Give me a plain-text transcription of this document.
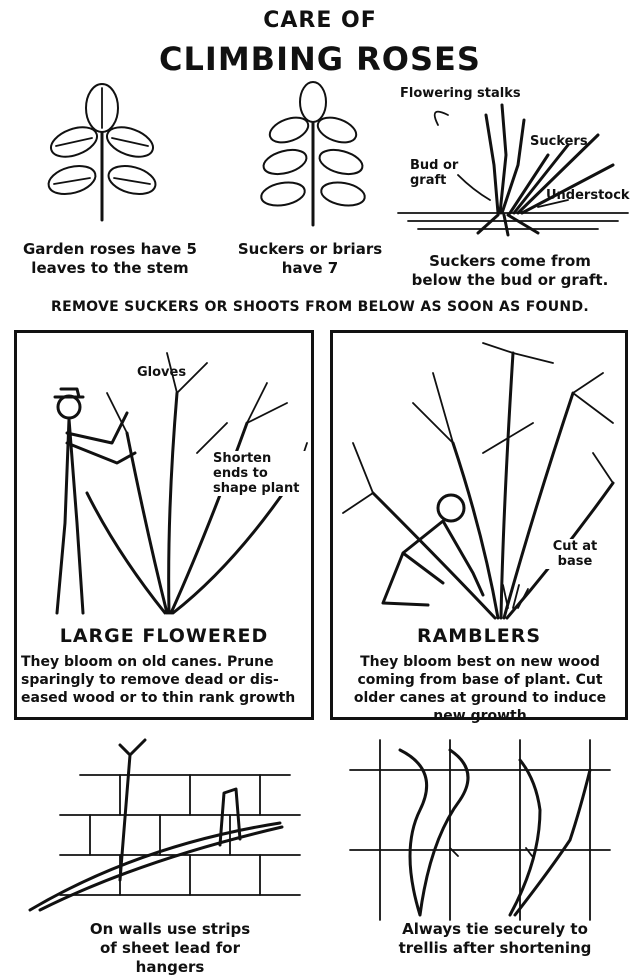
CARE OF
CLIMBING ROSES
Garden roses have 5 leaves to the stem
Suckers or briars have 7
Flowering stalks
Suckers
Bud or graft
Understock
Suckers come from below the bud or graft.
REMOVE SUCKERS OR SHOOTS FROM BELOW AS SOON AS FOUND.
Gloves
Shorten ends to shape plant
LARGE FLOWERED
They bloom on old canes. Prune sparingly to remove dead or dis-eased wood or to thin rank growth
Cut at base
RAMBLERS
They bloom best on new wood coming from base of plant. Cut older canes at ground to induce new growth
On walls use strips of sheet lead for hangers
Always tie securely to trellis after shortening
